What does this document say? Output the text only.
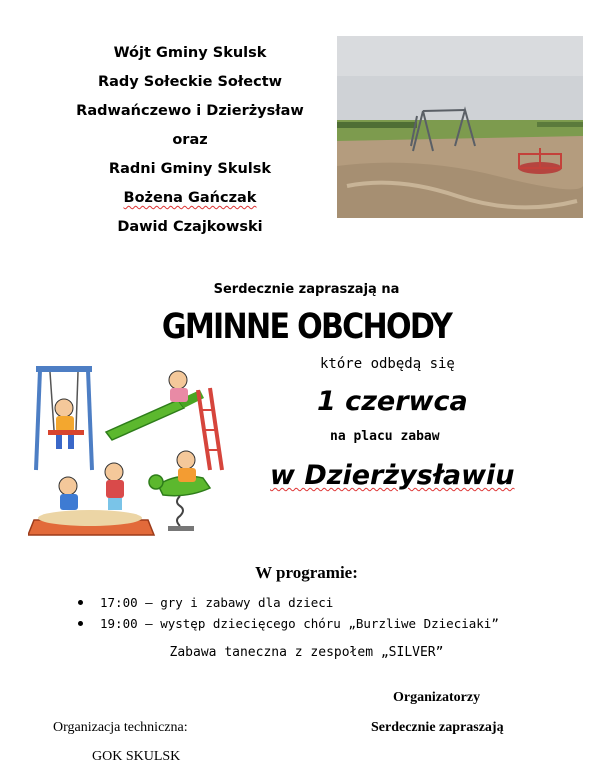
Wójt Gminy Skulsk
Rady Sołeckie Sołectw
Radwańczewo i Dzierżysław
oraz
Radni Gminy Skulsk
Bożena Gańczak
Dawid Czajkowski
Serdecznie zapraszają na
GMINNE OBCHODY
które odbędą się
1 czerwca
na placu zabaw
w Dzierżysławiu
W programie:
17:00 – gry i zabawy dla dzieci
19:00 – występ dziecięcego chóru „Burzliwe Dzieciaki”
Zabawa taneczna z zespołem „SILVER”
Organizatorzy
Serdecznie zapraszają
Organizacja techniczna:
GOK SKULSK
